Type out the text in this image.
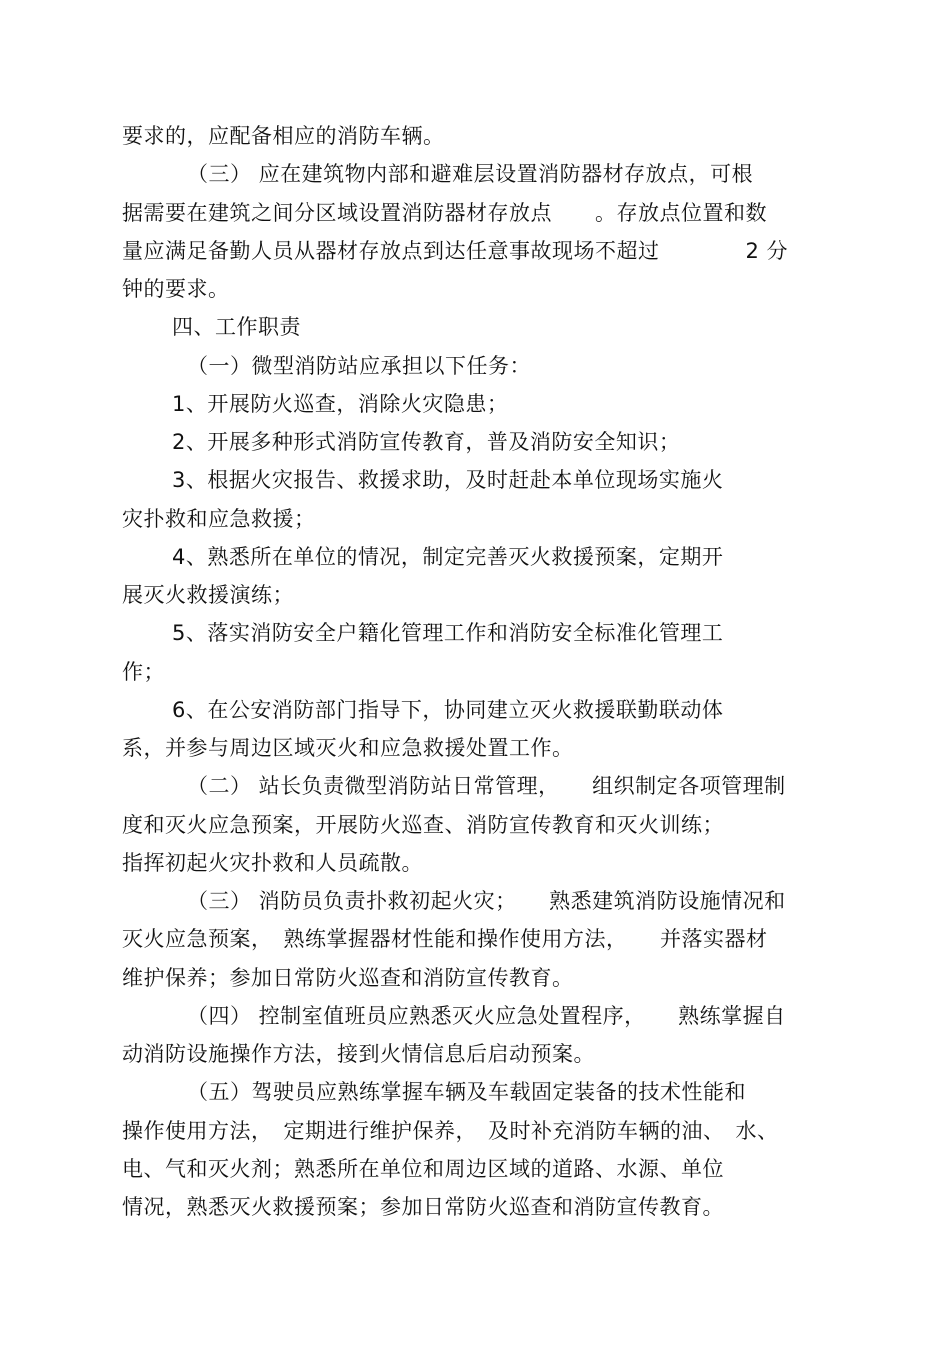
要求的，应配备相应的消防车辆。
（三） 应在建筑物内部和避难层设置消防器材存放点，可根
据需要在建筑之间分区域设置消防器材存放点　　。存放点位置和数
量应满足备勤人员从器材存放点到达任意事故现场不超过　　　　2 分
钟的要求。
四、工作职责
（一）微型消防站应承担以下任务：
1、开展防火巡查，消除火灾隐患；
2、开展多种形式消防宣传教育，普及消防安全知识；
3、根据火灾报告、救援求助，及时赶赴本单位现场实施火
灾扑救和应急救援；
4、熟悉所在单位的情况，制定完善灭火救援预案，定期开
展灭火救援演练；
5、落实消防安全户籍化管理工作和消防安全标准化管理工
作；
6、在公安消防部门指导下，协同建立灭火救援联勤联动体
系，并参与周边区域灭火和应急救援处置工作。
（二） 站长负责微型消防站日常管理，　　组织制定各项管理制
度和灭火应急预案，开展防火巡查、消防宣传教育和灭火训练；
指挥初起火灾扑救和人员疏散。
（三） 消防员负责扑救初起火灾；　　熟悉建筑消防设施情况和
灭火应急预案，　熟练掌握器材性能和操作使用方法，　　并落实器材
维护保养；参加日常防火巡查和消防宣传教育。
（四） 控制室值班员应熟悉灭火应急处置程序，　　熟练掌握自
动消防设施操作方法，接到火情信息后启动预案。
（五）驾驶员应熟练掌握车辆及车载固定装备的技术性能和
操作使用方法，　定期进行维护保养，　及时补充消防车辆的油、　水、
电、气和灭火剂；熟悉所在单位和周边区域的道路、水源、单位
情况，熟悉灭火救援预案；参加日常防火巡查和消防宣传教育。
